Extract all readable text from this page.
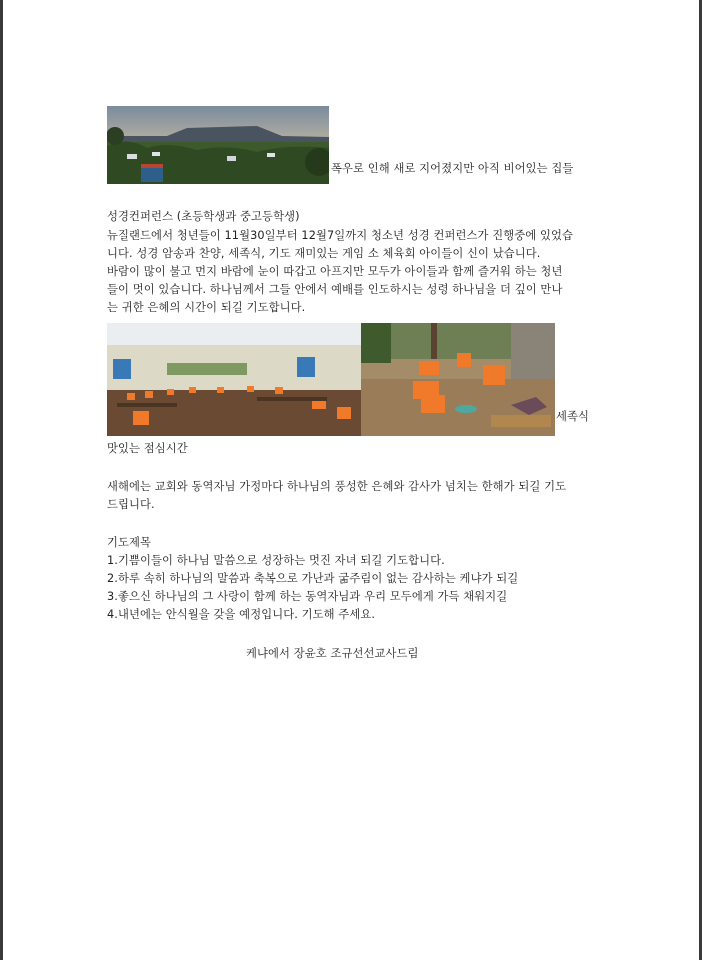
폭우로 인해 새로 지어졌지만 아직 비어있는 집들
성경컨퍼런스 (초등학생과 중고등학생)
뉴질랜드에서 청년들이 11월30일부터 12월7일까지 청소년 성경 컨퍼런스가 진행중에 있었습
니다. 성경 암송과 찬양, 세족식, 기도 재미있는 게임 소 체육회 아이들이 신이 났습니다.
바람이 많이 불고 먼지 바람에 눈이 따갑고 아프지만 모두가 아이들과 함께 즐거워 하는 청년
들이 멋이 있습니다. 하나님께서 그들 안에서 예배를 인도하시는 성령 하나님을 더 깊이 만나
는 귀한 은혜의 시간이 되길 기도합니다.
세족식
맛있는 점심시간
새해에는 교회와 동역자님 가정마다 하나님의 풍성한 은혜와 감사가 넘치는 한해가 되길 기도
드립니다.
기도제목
1.기쁨이들이 하나님 말씀으로 성장하는 멋진 자녀 되길 기도합니다.
2.하루 속히 하나님의 말씀과 축복으로 가난과 굶주림이 없는 감사하는 케냐가 되길
3.좋으신 하나님의 그 사랑이 함께 하는 동역자님과 우리 모두에게 가득 채워지길
4.내년에는 안식월을 갖을 예정입니다. 기도해 주세요.
케냐에서 장윤호 조규선선교사드림
